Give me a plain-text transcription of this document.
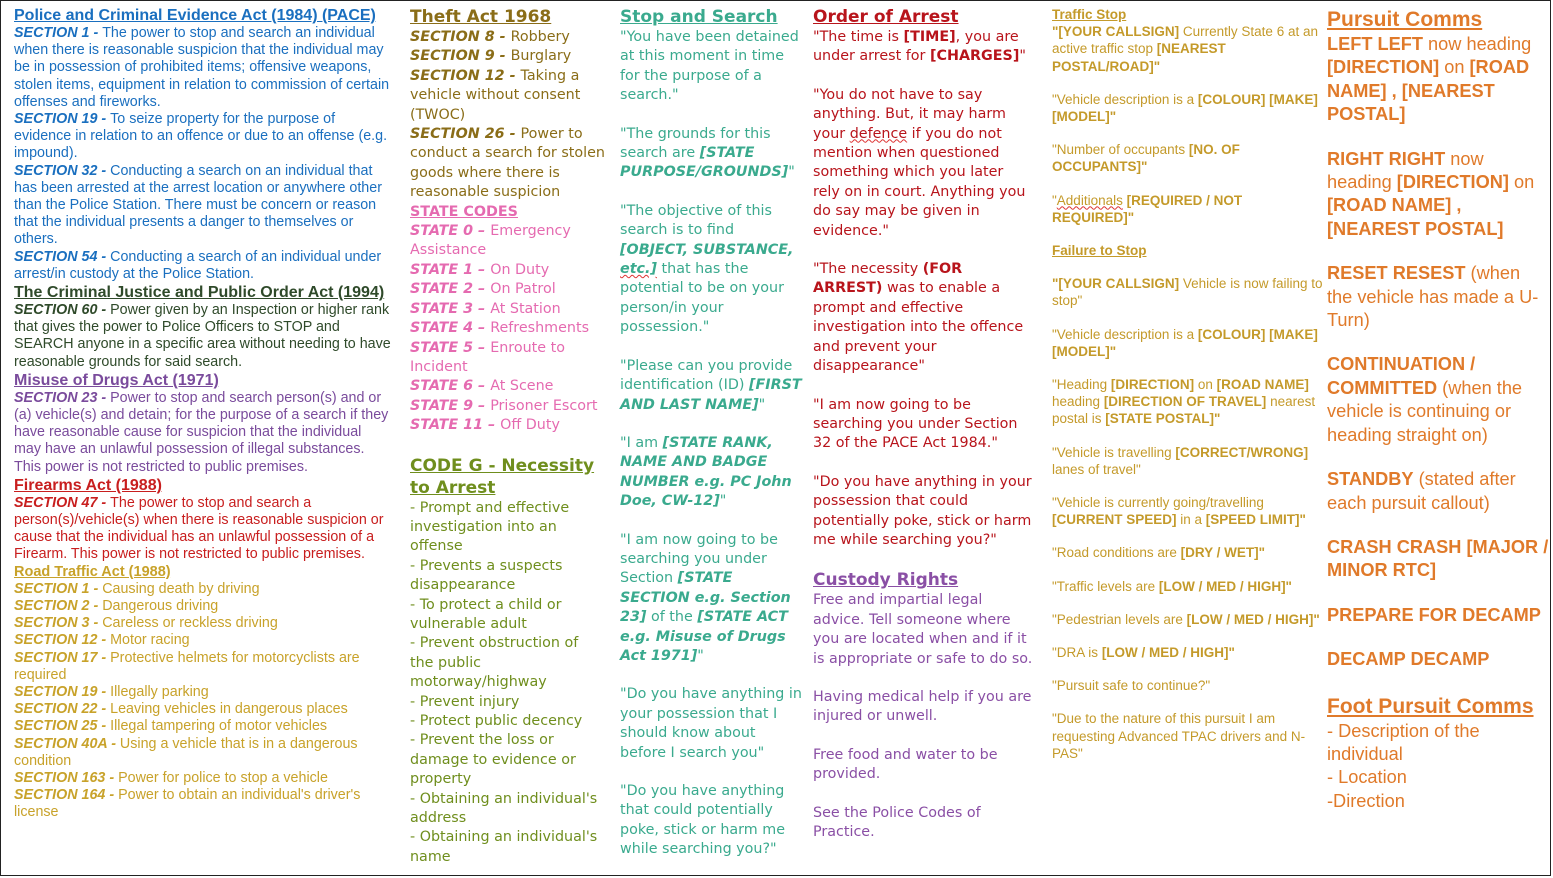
Police and Criminal Evidence Act (1984) (PACE)
SECTION 1 - The power to stop and search an individual when there is reasonable suspicion that the individual may be in possession of prohibited items; offensive weapons, stolen items, equipment in relation to commission of certain offenses and fireworks.
SECTION 19 - To seize property for the purpose of evidence in relation to an offence or due to an offense (e.g. impound).
SECTION 32 - Conducting a search on an individual that has been arrested at the arrest location or anywhere other than the Police Station. There must be concern or reason that the individual presents a danger to themselves or others.
SECTION 54 - Conducting a search of an individual under arrest/in custody at the Police Station.
The Criminal Justice and Public Order Act (1994)
SECTION 60 - Power given by an Inspection or higher rank that gives the power to Police Officers to STOP and SEARCH anyone in a specific area without needing to have reasonable grounds for said search.
Misuse of Drugs Act (1971)
SECTION 23 - Power to stop and search person(s) and or (a) vehicle(s) and detain; for the purpose of a search if they have reasonable cause for suspicion that the individual may have an unlawful possession of illegal substances. This power is not restricted to public premises.
Firearms Act (1988)
SECTION 47 - The power to stop and search a person(s)/vehicle(s) when there is reasonable suspicion or cause that the individual has an unlawful possession of a Firearm. This power is not restricted to public premises.
Road Traffic Act (1988)
SECTION 1 - Causing death by driving
SECTION 2 - Dangerous driving
SECTION 3 - Careless or reckless driving
SECTION 12 - Motor racing
SECTION 17 - Protective helmets for motorcyclists are required
SECTION 19 - Illegally parking
SECTION 22 - Leaving vehicles in dangerous places
SECTION 25 - Illegal tampering of motor vehicles
SECTION 40A - Using a vehicle that is in a dangerous condition
SECTION 163 - Power for police to stop a vehicle
SECTION 164 - Power to obtain an individual's driver's license
Theft Act 1968
SECTION 8 - Robbery
SECTION 9 - Burglary
SECTION 12 - Taking a vehicle without consent (TWOC)
SECTION 26 - Power to conduct a search for stolen goods where there is reasonable suspicion
STATE CODES
STATE 0 – Emergency Assistance
STATE 1 – On Duty
STATE 2 – On Patrol
STATE 3 – At Station
STATE 4 – Refreshments
STATE 5 – Enroute to Incident
STATE 6 – At Scene
STATE 9 – Prisoner Escort
STATE 11 – Off Duty
CODE G - Necessity to Arrest
- Prompt and effective investigation into an offense
- Prevents a suspects disappearance
- To protect a child or vulnerable adult
- Prevent obstruction of the public motorway/highway
- Prevent injury
- Protect public decency
- Prevent the loss or damage to evidence or property
- Obtaining an individual's address
- Obtaining an individual's name
Stop and Search
"You have been detained at this moment in time for the purpose of a search."
"The grounds for this search are [STATE PURPOSE/GROUNDS]"
"The objective of this search is to find [OBJECT, SUBSTANCE, etc.] that has the potential to be on your person/in your possession."
"Please can you provide identification (ID) [FIRST AND LAST NAME]"
"I am [STATE RANK, NAME AND BADGE NUMBER e.g. PC John Doe, CW-12]"
"I am now going to be searching you under Section [STATE SECTION e.g. Section 23] of the [STATE ACT e.g. Misuse of Drugs Act 1971]"
"Do you have anything in your possession that I should know about before I search you"
"Do you have anything that could potentially poke, stick or harm me while searching you?"
Order of Arrest
"The time is [TIME], you are under arrest for [CHARGES]"
"You do not have to say anything. But, it may harm your defence if you do not mention when questioned something which you later rely on in court. Anything you do say may be given in evidence."
"The necessity (FOR ARREST) was to enable a prompt and effective investigation into the offence and prevent your disappearance"
"I am now going to be searching you under Section 32 of the PACE Act 1984."
"Do you have anything in your possession that could potentially poke, stick or harm me while searching you?"
Custody Rights
Free and impartial legal advice. Tell someone where you are located when and if it is appropriate or safe to do so.
Having medical help if you are injured or unwell.
Free food and water to be provided.
See the Police Codes of Practice.
Traffic Stop
"[YOUR CALLSIGN] Currently State 6 at an active traffic stop [NEAREST POSTAL/ROAD]"
"Vehicle description is a [COLOUR] [MAKE] [MODEL]"
"Number of occupants [NO. OF OCCUPANTS]"
"Additionals [REQUIRED / NOT REQUIRED]"
Failure to Stop
"[YOUR CALLSIGN] Vehicle is now failing to stop"
"Vehicle description is a [COLOUR] [MAKE] [MODEL]"
"Heading [DIRECTION] on [ROAD NAME] heading [DIRECTION OF TRAVEL] nearest postal is [STATE POSTAL]"
"Vehicle is travelling [CORRECT/WRONG] lanes of travel"
"Vehicle is currently going/travelling [CURRENT SPEED] in a [SPEED LIMIT]"
"Road conditions are [DRY / WET]"
"Traffic levels are [LOW / MED / HIGH]"
"Pedestrian levels are [LOW / MED / HIGH]"
"DRA is [LOW / MED / HIGH]"
"Pursuit safe to continue?"
"Due to the nature of this pursuit I am requesting Advanced TPAC drivers and N-PAS"
Pursuit Comms
LEFT LEFT now heading [DIRECTION] on [ROAD NAME] , [NEAREST POSTAL]
RIGHT RIGHT now heading [DIRECTION] on [ROAD NAME] , [NEAREST POSTAL]
RESET RESEST (when the vehicle has made a U-Turn)
CONTINUATION / COMMITTED (when the vehicle is continuing or heading straight on)
STANDBY (stated after each pursuit callout)
CRASH CRASH [MAJOR / MINOR RTC]
PREPARE FOR DECAMP
DECAMP DECAMP
Foot Pursuit Comms
- Description of the individual
- Location
-Direction
